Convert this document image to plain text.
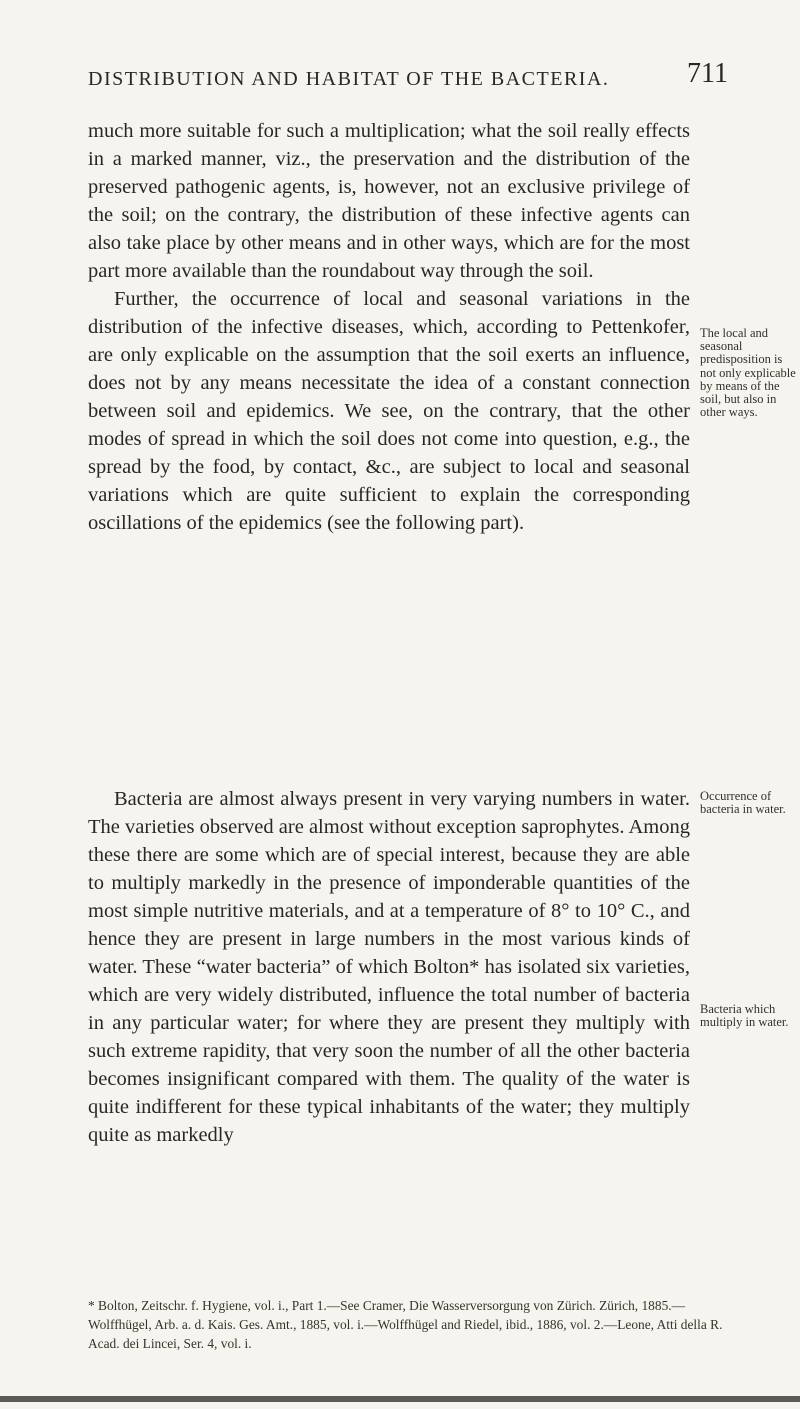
DISTRIBUTION AND HABITAT OF THE BACTERIA.	711

much more suitable for such a multiplication; what the soil really effects in a marked manner, viz., the preservation and the distribution of the preserved pathogenic agents, is, however, not an exclusive privilege of the soil; on the contrary, the distribution of these infective agents can also take place by other means and in other ways, which are for the most part more available than the roundabout way through the soil.

Further, the occurrence of local and seasonal variations in the distribution of the infective diseases, which, according to Pettenkofer, are only explicable on the assumption that the soil exerts an influence, does not by any means necessitate the idea of a constant connection between soil and epidemics. We see, on the contrary, that the other modes of spread in which the soil does not come into question, e.g., the spread by the food, by contact, &c., are subject to local and seasonal variations which are quite sufficient to explain the corresponding oscillations of the epidemics (see the following part).

Bacteria are almost always present in very varying numbers in water. The varieties observed are almost without exception saprophytes. Among these there are some which are of special interest, because they are able to multiply markedly in the presence of imponderable quantities of the most simple nutritive materials, and at a temperature of 8° to 10° C., and hence they are present in large numbers in the most various kinds of water. These “water bacteria” of which Bolton* has isolated six varieties, which are very widely distributed, influence the total number of bacteria in any particular water; for where they are present they multiply with such extreme rapidity, that very soon the number of all the other bacteria becomes insignificant compared with them. The quality of the water is quite indifferent for these typical inhabitants of the water; they multiply quite as markedly

The local and seasonal predisposition is not only explicable by means of the soil, but also in other ways.
Occurrence of bacteria in water.
Bacteria which multiply in water.

* Bolton, Zeitschr. f. Hygiene, vol. i., Part 1.—See Cramer, Die Wasserversorgung von Zürich. Zürich, 1885.—Wolffhügel, Arb. a. d. Kais. Ges. Amt., 1885, vol. i.—Wolffhügel and Riedel, ibid., 1886, vol. 2.—Leone, Atti della R. Acad. dei Lincei, Ser. 4, vol. i.
